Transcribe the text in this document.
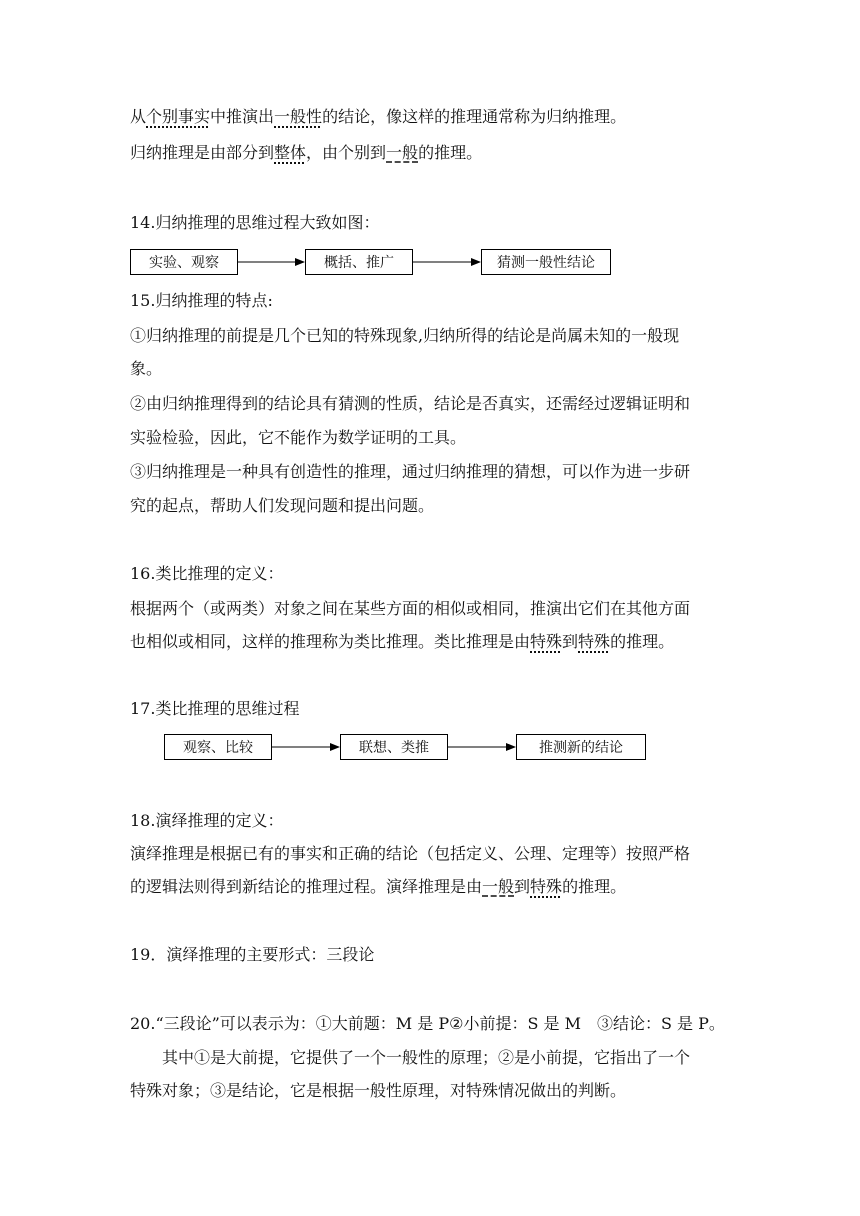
从个别事实中推演出一般性的结论，像这样的推理通常称为归纳推理。
归纳推理是由部分到整体，由个别到一般的推理。
14.归纳推理的思维过程大致如图：
实验、观察	概括、推广	猜测一般性结论
15.归纳推理的特点:
①归纳推理的前提是几个已知的特殊现象,归纳所得的结论是尚属未知的一般现
象。
②由归纳推理得到的结论具有猜测的性质，结论是否真实，还需经过逻辑证明和
实验检验，因此，它不能作为数学证明的工具。
③归纳推理是一种具有创造性的推理，通过归纳推理的猜想，可以作为进一步研
究的起点，帮助人们发现问题和提出问题。
16.类比推理的定义：
根据两个（或两类）对象之间在某些方面的相似或相同，推演出它们在其他方面
也相似或相同，这样的推理称为类比推理。类比推理是由特殊到特殊的推理。
17.类比推理的思维过程
观察、比较	联想、类推	推测新的结论
18.演绎推理的定义：
演绎推理是根据已有的事实和正确的结论（包括定义、公理、定理等）按照严格
的逻辑法则得到新结论的推理过程。演绎推理是由一般到特殊的推理。
19．演绎推理的主要形式：三段论
20.“三段论”可以表示为：①大前题：M 是 P②小前提：S 是 M　③结论：S 是 P。
其中①是大前提，它提供了一个一般性的原理；②是小前提，它指出了一个
特殊对象；③是结论，它是根据一般性原理，对特殊情况做出的判断。
